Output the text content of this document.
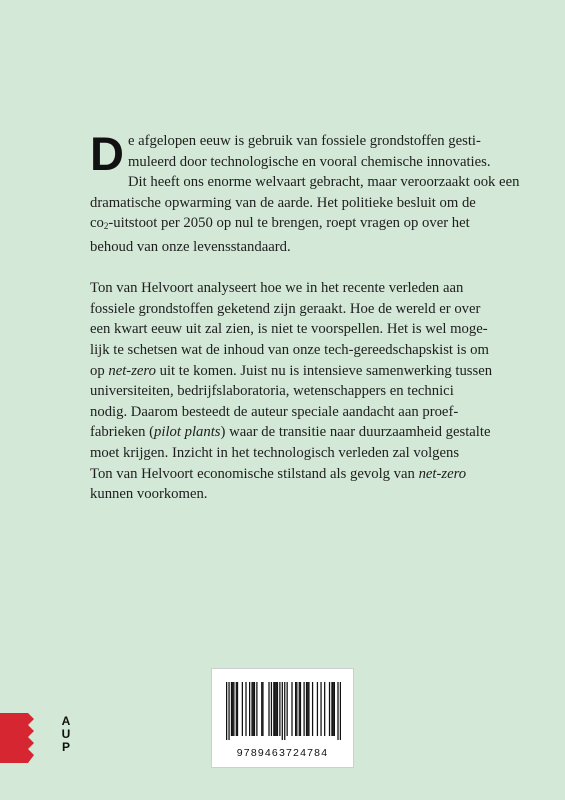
D e afgelopen eeuw is gebruik van fossiele grondstoffen gesti-
muleerd door technologische en vooral chemische innovaties.
Dit heeft ons enorme welvaart gebracht, maar veroorzaakt ook een
dramatische opwarming van de aarde. Het politieke besluit om de
$co_2$-uitstoot per 2050 op nul te brengen, roept vragen op over het
behoud van onze levensstandaard.

Ton van Helvoort analyseert hoe we in het recente verleden aan
fossiele grondstoffen geketend zijn geraakt. Hoe de wereld er over
een kwart eeuw uit zal zien, is niet te voorspellen. Het is wel moge-
lijk te schetsen wat de inhoud van onze tech-gereedschapskist is om
op net-zero uit te komen. Juist nu is intensieve samenwerking tussen
universiteiten, bedrijfslaboratoria, wetenschappers en technici
nodig. Daarom besteedt de auteur speciale aandacht aan proef-
fabrieken (pilot plants) waar de transitie naar duurzaamheid gestalte
moet krijgen. Inzicht in het technologisch verleden zal volgens
Ton van Helvoort economische stilstand als gevolg van net-zero
kunnen voorkomen.

9789463724784
A
U
P
